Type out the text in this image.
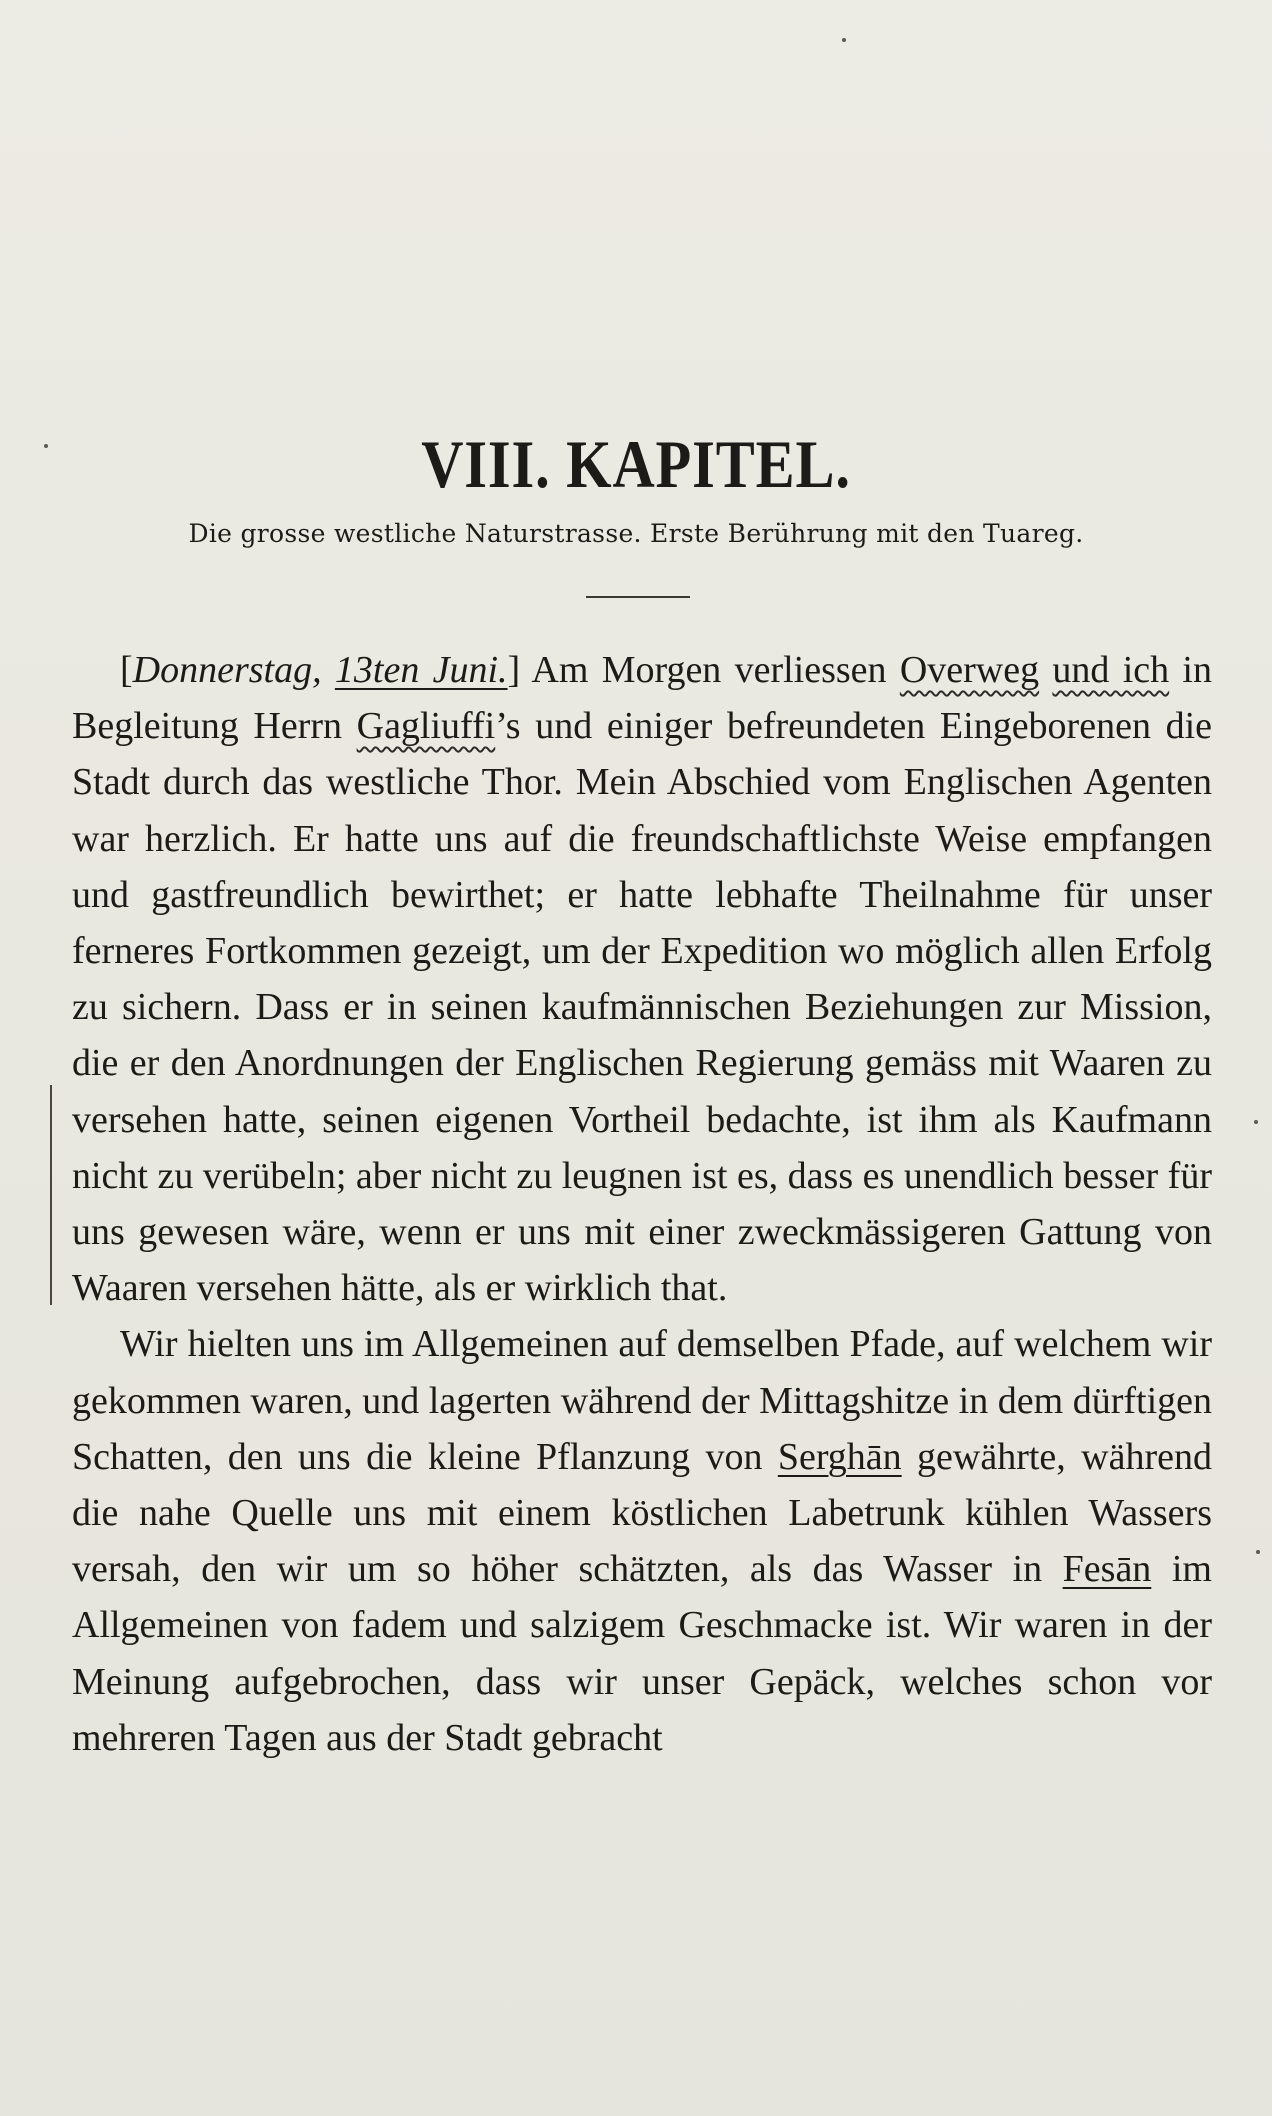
VIII. KAPITEL.
Die grosse westliche Naturstrasse. Erste Berührung mit den Tuareg.

[Donnerstag, 13ten Juni.] Am Morgen verliessen Overweg und ich in Begleitung Herrn Gagliuffi’s und einiger befreundeten Eingeborenen die Stadt durch das westliche Thor. Mein Abschied vom Englischen Agenten war herzlich. Er hatte uns auf die freundschaftlichste Weise empfangen und gastfreundlich bewirthet; er hatte lebhafte Theilnahme für unser ferneres Fortkommen gezeigt, um der Expedition wo möglich allen Erfolg zu sichern. Dass er in seinen kaufmännischen Beziehungen zur Mission, die er den Anordnungen der Englischen Regierung gemäss mit Waaren zu versehen hatte, seinen eigenen Vortheil bedachte, ist ihm als Kaufmann nicht zu verübeln; aber nicht zu leugnen ist es, dass es unendlich besser für uns gewesen wäre, wenn er uns mit einer zweckmässigeren Gattung von Waaren versehen hätte, als er wirklich that.

Wir hielten uns im Allgemeinen auf demselben Pfade, auf welchem wir gekommen waren, und lagerten während der Mittagshitze in dem dürftigen Schatten, den uns die kleine Pflanzung von Serghān gewährte, während die nahe Quelle uns mit einem köstlichen Labetrunk kühlen Wassers versah, den wir um so höher schätzten, als das Wasser in Fesān im Allgemeinen von fadem und salzigem Geschmacke ist. Wir waren in der Meinung aufgebrochen, dass wir unser Gepäck, welches schon vor mehreren Tagen aus der Stadt gebracht
